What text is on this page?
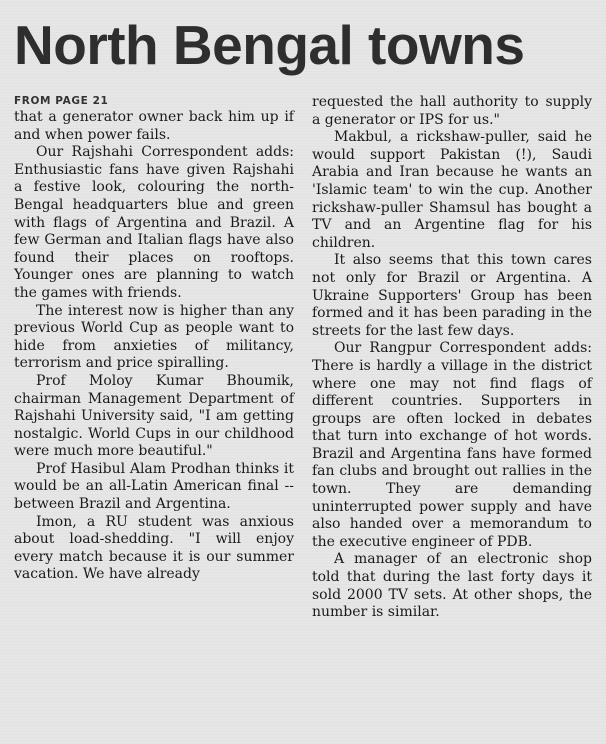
North Bengal towns
FROM PAGE 21

that a generator owner back him up if and when power fails.

Our Rajshahi Correspondent adds: Enthusiastic fans have given Rajshahi a festive look, colouring the north-Bengal headquarters blue and green with flags of Argentina and Brazil. A few German and Italian flags have also found their places on rooftops. Younger ones are planning to watch the games with friends.

The interest now is higher than any previous World Cup as people want to hide from anxieties of militancy, terrorism and price spiralling.

Prof Moloy Kumar Bhoumik, chairman Management Department of Rajshahi University said, "I am getting nostalgic. World Cups in our childhood were much more beautiful."

Prof Hasibul Alam Prodhan thinks it would be an all-Latin American final -- between Brazil and Argentina.

Imon, a RU student was anxious about load-shedding. "I will enjoy every match because it is our summer vacation. We have already

requested the hall authority to supply a generator or IPS for us."

Makbul, a rickshaw-puller, said he would support Pakistan (!), Saudi Arabia and Iran because he wants an 'Islamic team' to win the cup. Another rickshaw-puller Shamsul has bought a TV and an Argentine flag for his children.

It also seems that this town cares not only for Brazil or Argentina. A Ukraine Supporters' Group has been formed and it has been parading in the streets for the last few days.

Our Rangpur Correspondent adds: There is hardly a village in the district where one may not find flags of different countries. Supporters in groups are often locked in debates that turn into exchange of hot words. Brazil and Argentina fans have formed fan clubs and brought out rallies in the town. They are demanding uninterrupted power supply and have also handed over a memorandum to the executive engineer of PDB.

A manager of an electronic shop told that during the last forty days it sold 2000 TV sets. At other shops, the number is similar.
